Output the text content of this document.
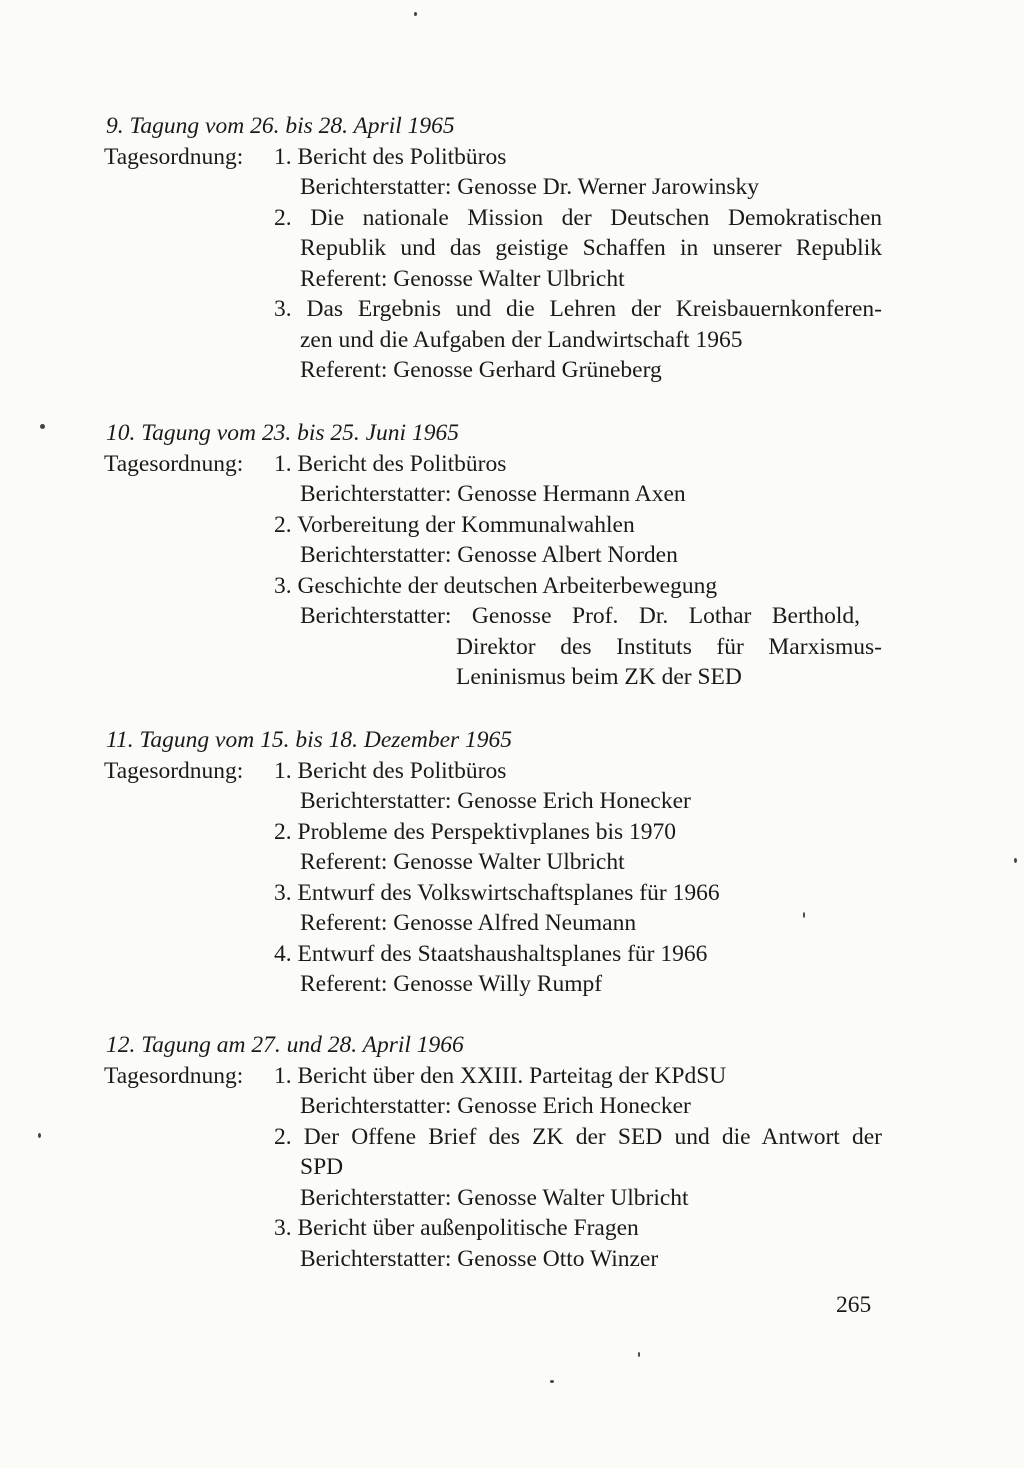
9. Tagung vom 26. bis 28. April 1965
Tagesordnung: 1. Bericht des Politbüros
Berichterstatter: Genosse Dr. Werner Jarowinsky
2. Die nationale Mission der Deutschen Demokratischen
Republik und das geistige Schaffen in unserer Republik
Referent: Genosse Walter Ulbricht
3. Das Ergebnis und die Lehren der Kreisbauernkonferen-
zen und die Aufgaben der Landwirtschaft 1965
Referent: Genosse Gerhard Grüneberg
10. Tagung vom 23. bis 25. Juni 1965
Tagesordnung: 1. Bericht des Politbüros
Berichterstatter: Genosse Hermann Axen
2. Vorbereitung der Kommunalwahlen
Berichterstatter: Genosse Albert Norden
3. Geschichte der deutschen Arbeiterbewegung
Berichterstatter: Genosse Prof. Dr. Lothar Berthold,
Direktor des Instituts für Marxismus-
Leninismus beim ZK der SED
11. Tagung vom 15. bis 18. Dezember 1965
Tagesordnung: 1. Bericht des Politbüros
Berichterstatter: Genosse Erich Honecker
2. Probleme des Perspektivplanes bis 1970
Referent: Genosse Walter Ulbricht
3. Entwurf des Volkswirtschaftsplanes für 1966
Referent: Genosse Alfred Neumann
4. Entwurf des Staatshaushaltsplanes für 1966
Referent: Genosse Willy Rumpf
12. Tagung am 27. und 28. April 1966
Tagesordnung: 1. Bericht über den XXIII. Parteitag der KPdSU
Berichterstatter: Genosse Erich Honecker
2. Der Offene Brief des ZK der SED und die Antwort der
SPD
Berichterstatter: Genosse Walter Ulbricht
3. Bericht über außenpolitische Fragen
Berichterstatter: Genosse Otto Winzer
265
